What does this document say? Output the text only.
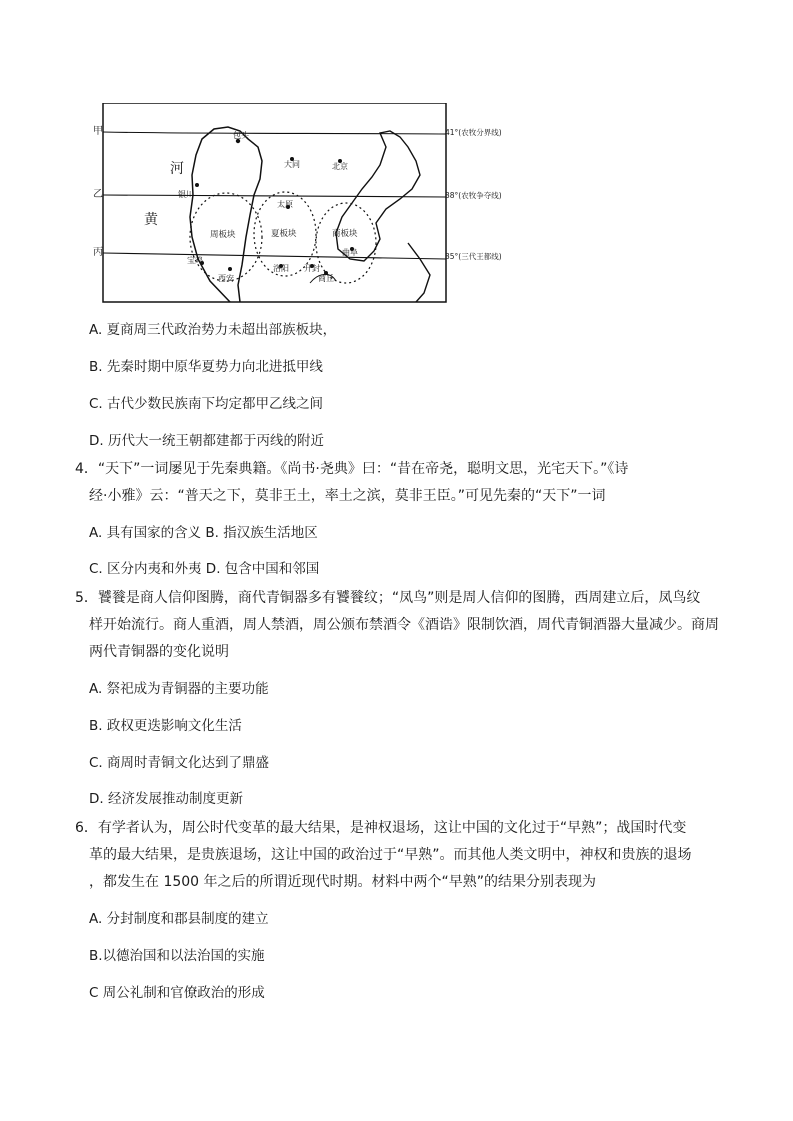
甲
乙
丙
41°(农牧分界线)
38°(农牧争夺线)
35°(三代王都线)
河
黄
包头
大同	北京
银川
太原
宝鸡
西安
洛阳 开封
商丘
曲阜
周板块	夏板块	商板块
A. 夏商周三代政治势力未超出部族板块，
B. 先秦时期中原华夏势力向北进抵甲线
C. 古代少数民族南下均定都甲乙线之间
D. 历代大一统王朝都建都于丙线的附近
4．“天下”一词屡见于先秦典籍。《尚书·尧典》曰：“昔在帝尧，聪明文思，光宅天下。”《诗
经·小雅》云：“普天之下，莫非王土，率土之滨，莫非王臣。”可见先秦的“天下”一词
A. 具有国家的含义 B. 指汉族生活地区
C. 区分内夷和外夷 D. 包含中国和邻国
5．饕餮是商人信仰图腾，商代青铜器多有饕餮纹；“凤鸟”则是周人信仰的图腾，西周建立后，凤鸟纹
样开始流行。商人重酒，周人禁酒，周公颁布禁酒令《酒诰》限制饮酒，周代青铜酒器大量减少。商周
两代青铜器的变化说明
A. 祭祀成为青铜器的主要功能
B. 政权更迭影响文化生活
C. 商周时青铜文化达到了鼎盛
D. 经济发展推动制度更新
6．有学者认为，周公时代变革的最大结果，是神权退场，这让中国的文化过于“早熟”；战国时代变
革的最大结果，是贵族退场，这让中国的政治过于“早熟”。而其他人类文明中，神权和贵族的退场
，都发生在 1500 年之后的所谓近现代时期。材料中两个“早熟”的结果分别表现为
A. 分封制度和郡县制度的建立
B.以德治国和以法治国的实施
C 周公礼制和官僚政治的形成
